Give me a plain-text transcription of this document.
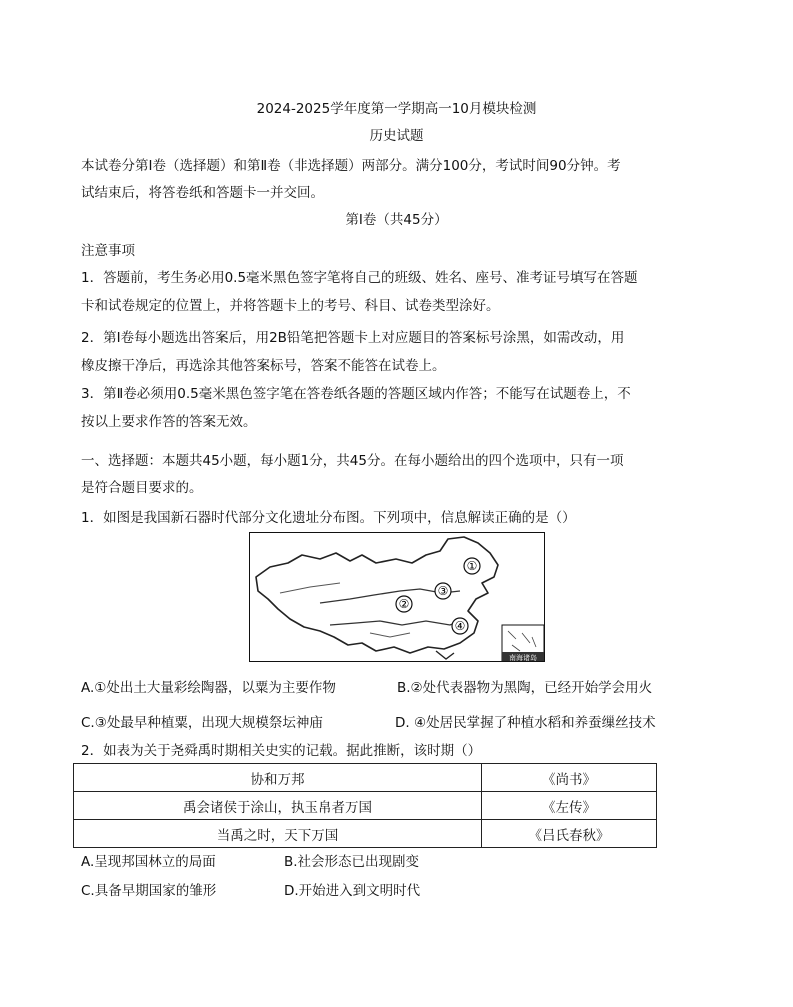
2024-2025学年度第一学期高一10月模块检测
历史试题
本试卷分第Ⅰ卷（选择题）和第Ⅱ卷（非选择题）两部分。满分100分，考试时间90分钟。考
试结束后，将答卷纸和答题卡一并交回。
第Ⅰ卷（共45分）
注意事项
1．答题前，考生务必用0.5毫米黑色签字笔将自己的班级、姓名、座号、准考证号填写在答题
卡和试卷规定的位置上，并将答题卡上的考号、科目、试卷类型涂好。
2．第Ⅰ卷每小题选出答案后，用2B铅笔把答题卡上对应题目的答案标号涂黑，如需改动，用
橡皮擦干净后，再选涂其他答案标号，答案不能答在试卷上。
3．第Ⅱ卷必须用0.5毫米黑色签字笔在答卷纸各题的答题区域内作答；不能写在试题卷上，不
按以上要求作答的答案无效。
一、选择题：本题共45小题，每小题1分，共45分。在每小题给出的四个选项中，只有一项
是符合题目要求的。
1．如图是我国新石器时代部分文化遗址分布图。下列项中，信息解读正确的是（）
①
②
③
④
南海诸岛
A.①处出土大量彩绘陶器，以粟为主要作物	B.②处代表器物为黑陶，已经开始学会用火
C.③处最早种植粟，出现大规模祭坛神庙	D. ④处居民掌握了种植水稻和养蚕缫丝技术
2．如表为关于尧舜禹时期相关史实的记载。据此推断，该时期（）
协和万邦	《尚书》
禹会诸侯于涂山，执玉帛者万国	《左传》
当禹之时，天下万国	《吕氏春秋》
A.呈现邦国林立的局面	B.社会形态已出现剧变
C.具备早期国家的雏形	D.开始进入到文明时代
